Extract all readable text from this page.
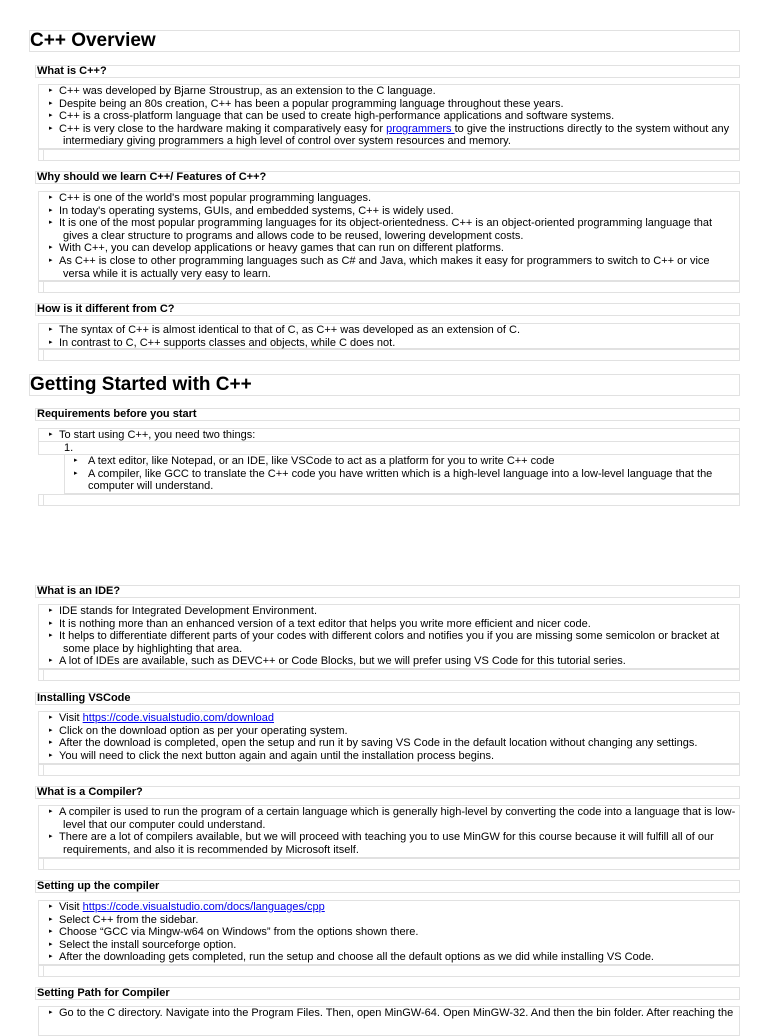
C++ Overview
What is C++?
▸ C++ was developed by Bjarne Stroustrup, as an extension to the C language.
▸ Despite being an 80s creation, C++ has been a popular programming language throughout these years.
▸ C++ is a cross-platform language that can be used to create high-performance applications and software systems.
▸ C++ is very close to the hardware making it comparatively easy for programmers to give the instructions directly to the system without any
intermediary giving programmers a high level of control over system resources and memory.
Why should we learn C++/ Features of C++?
▸ C++ is one of the world's most popular programming languages.
▸ In today's operating systems, GUIs, and embedded systems, C++ is widely used.
▸ It is one of the most popular programming languages for its object-orientedness. C++ is an object-oriented programming language that
gives a clear structure to programs and allows code to be reused, lowering development costs.
▸ With C++, you can develop applications or heavy games that can run on different platforms.
▸ As C++ is close to other programming languages such as C# and Java, which makes it easy for programmers to switch to C++ or vice
versa while it is actually very easy to learn.
How is it different from C?
▸ The syntax of C++ is almost identical to that of C, as C++ was developed as an extension of C.
▸ In contrast to C, C++ supports classes and objects, while C does not.
Getting Started with C++
Requirements before you start
▸ To start using C++, you need two things:
1.
▸ A text editor, like Notepad, or an IDE, like VSCode to act as a platform for you to write C++ code
▸ A compiler, like GCC to translate the C++ code you have written which is a high-level language into a low-level language that the
computer will understand.
What is an IDE?
▸ IDE stands for Integrated Development Environment.
▸ It is nothing more than an enhanced version of a text editor that helps you write more efficient and nicer code.
▸ It helps to differentiate different parts of your codes with different colors and notifies you if you are missing some semicolon or bracket at
some place by highlighting that area.
▸ A lot of IDEs are available, such as DEVC++ or Code Blocks, but we will prefer using VS Code for this tutorial series.
Installing VSCode
▸ Visit https://code.visualstudio.com/download
▸ Click on the download option as per your operating system.
▸ After the download is completed, open the setup and run it by saving VS Code in the default location without changing any settings.
▸ You will need to click the next button again and again until the installation process begins.
What is a Compiler?
▸ A compiler is used to run the program of a certain language which is generally high-level by converting the code into a language that is low-
level that our computer could understand.
▸ There are a lot of compilers available, but we will proceed with teaching you to use MinGW for this course because it will fulfill all of our
requirements, and also it is recommended by Microsoft itself.
Setting up the compiler
▸ Visit https://code.visualstudio.com/docs/languages/cpp
▸ Select C++ from the sidebar.
▸ Choose “GCC via Mingw-w64 on Windows” from the options shown there.
▸ Select the install sourceforge option.
▸ After the downloading gets completed, run the setup and choose all the default options as we did while installing VS Code.
Setting Path for Compiler
▸ Go to the C directory. Navigate into the Program Files. Then, open MinGW-64. Open MinGW-32. And then the bin folder. After reaching the
